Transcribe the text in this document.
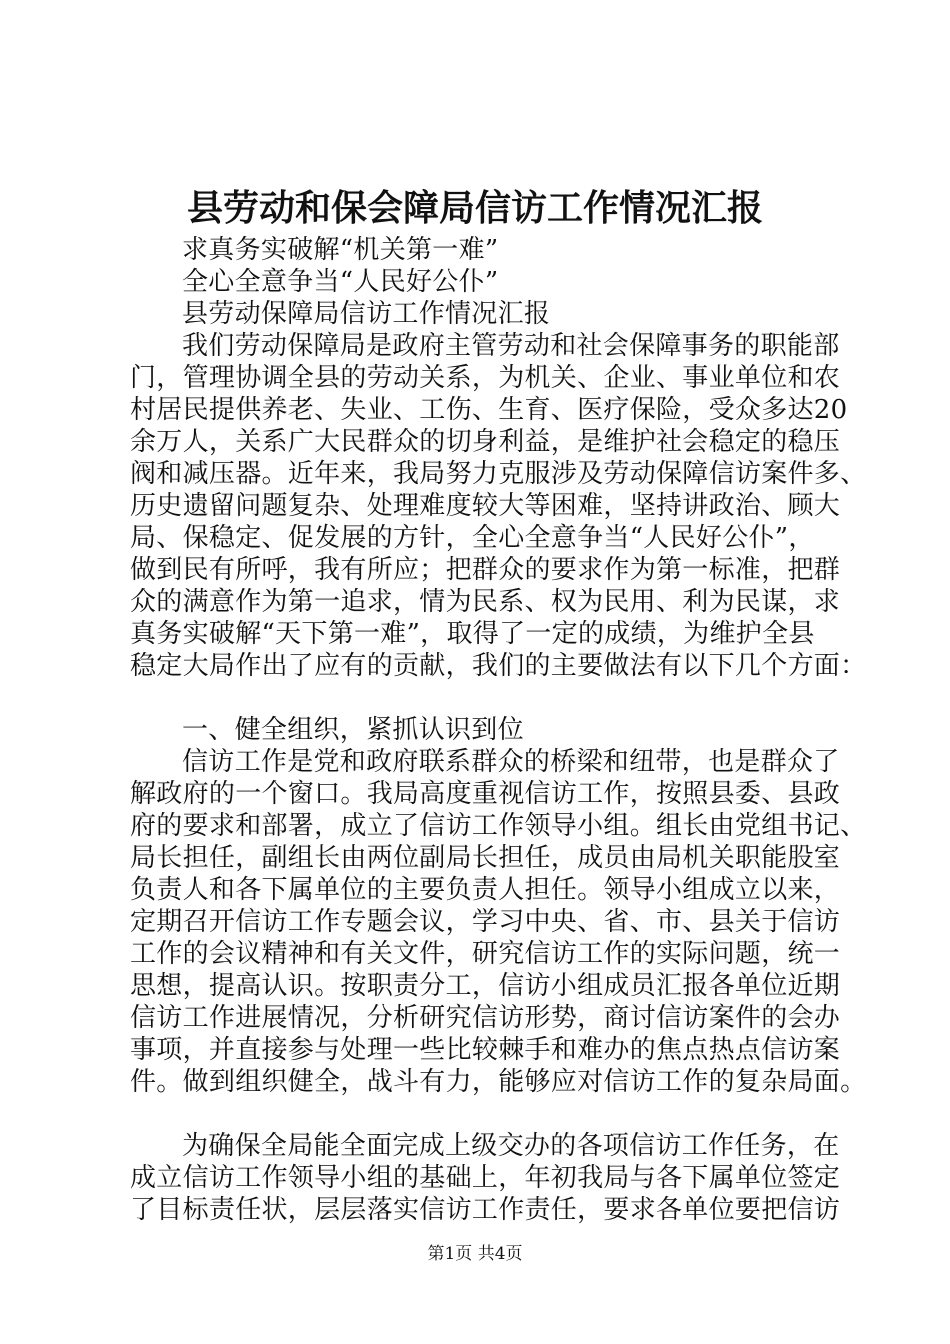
县劳动和保会障局信访工作情况汇报
求真务实破解“机关第一难”
全心全意争当“人民好公仆”
县劳动保障局信访工作情况汇报
我们劳动保障局是政府主管劳动和社会保障事务的职能部
门，管理协调全县的劳动关系，为机关、企业、事业单位和农
村居民提供养老、失业、工伤、生育、医疗保险，受众多达20
余万人，关系广大民群众的切身利益，是维护社会稳定的稳压
阀和减压器。近年来，我局努力克服涉及劳动保障信访案件多、
历史遗留问题复杂、处理难度较大等困难，坚持讲政治、顾大
局、保稳定、促发展的方针，全心全意争当“人民好公仆”，
做到民有所呼，我有所应；把群众的要求作为第一标准，把群
众的满意作为第一追求，情为民系、权为民用、利为民谋，求
真务实破解“天下第一难”，取得了一定的成绩，为维护全县
稳定大局作出了应有的贡献，我们的主要做法有以下几个方面：
一、健全组织，紧抓认识到位
信访工作是党和政府联系群众的桥梁和纽带，也是群众了
解政府的一个窗口。我局高度重视信访工作，按照县委、县政
府的要求和部署，成立了信访工作领导小组。组长由党组书记、
局长担任，副组长由两位副局长担任，成员由局机关职能股室
负责人和各下属单位的主要负责人担任。领导小组成立以来，
定期召开信访工作专题会议，学习中央、省、市、县关于信访
工作的会议精神和有关文件，研究信访工作的实际问题，统一
思想，提高认识。按职责分工，信访小组成员汇报各单位近期
信访工作进展情况，分析研究信访形势，商讨信访案件的会办
事项，并直接参与处理一些比较棘手和难办的焦点热点信访案
件。做到组织健全，战斗有力，能够应对信访工作的复杂局面。
为确保全局能全面完成上级交办的各项信访工作任务，在
成立信访工作领导小组的基础上，年初我局与各下属单位签定
了目标责任状，层层落实信访工作责任，要求各单位要把信访
第1页 共4页
